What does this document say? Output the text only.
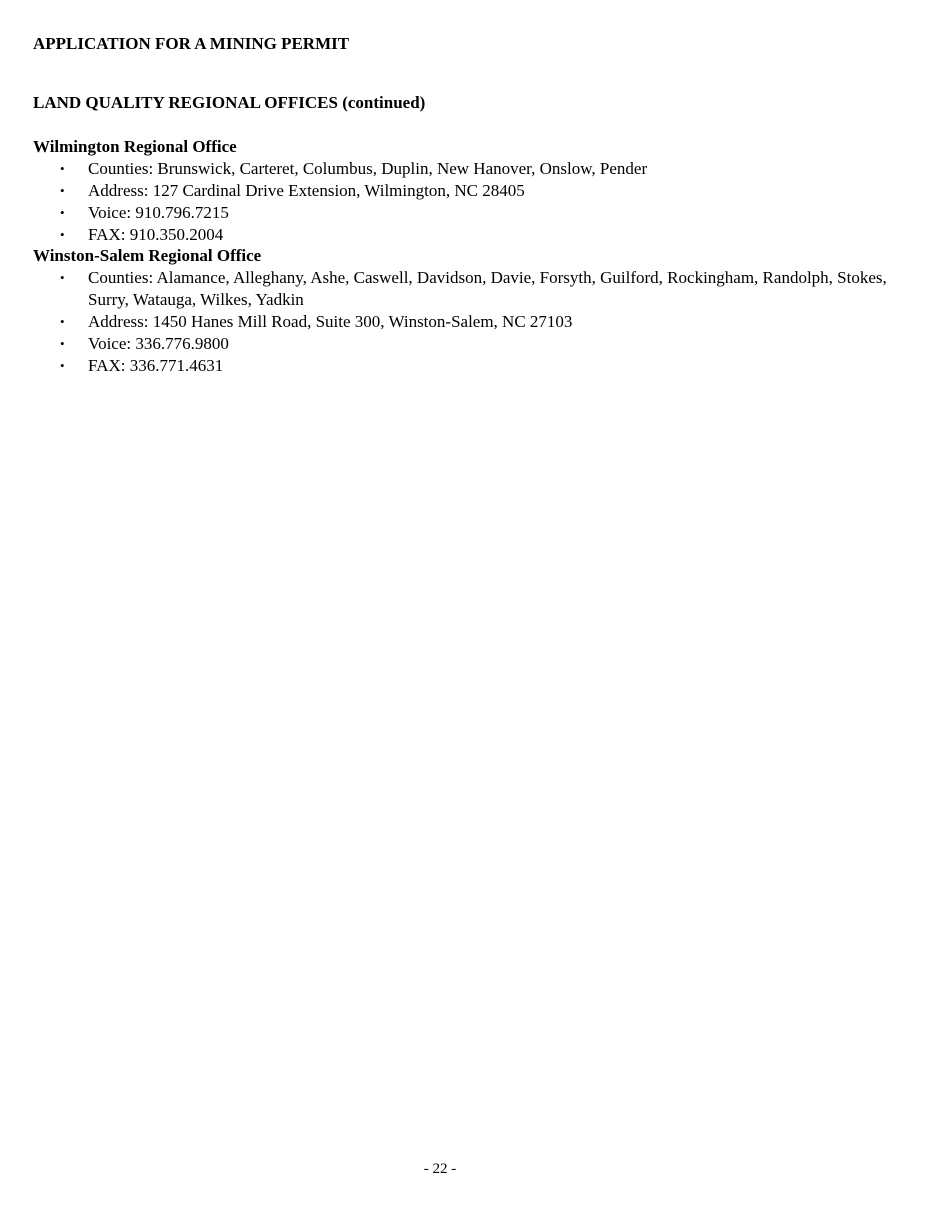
APPLICATION FOR A MINING PERMIT
LAND QUALITY REGIONAL OFFICES (continued)
Wilmington Regional Office
• Counties: Brunswick, Carteret, Columbus, Duplin, New Hanover, Onslow, Pender
• Address: 127 Cardinal Drive Extension, Wilmington, NC 28405
• Voice: 910.796.7215
• FAX: 910.350.2004
Winston-Salem Regional Office
• Counties: Alamance, Alleghany, Ashe, Caswell, Davidson, Davie, Forsyth, Guilford, Rockingham, Randolph, Stokes, Surry, Watauga, Wilkes, Yadkin
• Address: 1450 Hanes Mill Road, Suite 300, Winston-Salem, NC 27103
• Voice: 336.776.9800
• FAX: 336.771.4631
- 22 -
